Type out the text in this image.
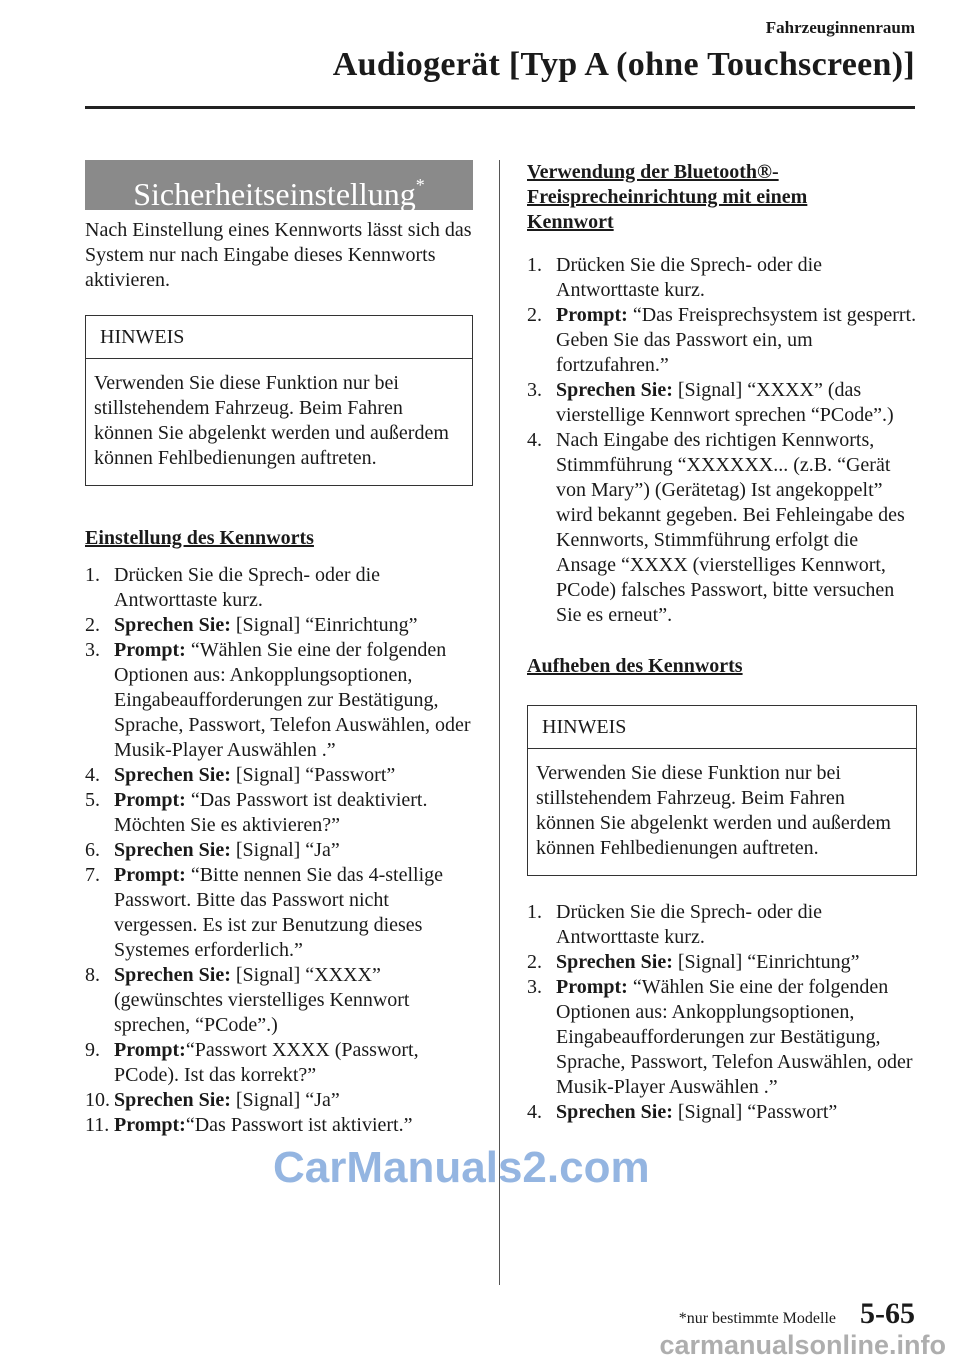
Fahrzeuginnenraum
Audiogerät [Typ A (ohne Touchscreen)]
Sicherheitseinstellung*

Nach Einstellung eines Kennworts lässt sich das System nur nach Eingabe dieses Kennworts aktivieren.

HINWEIS
Verwenden Sie diese Funktion nur bei stillstehendem Fahrzeug. Beim Fahren können Sie abgelenkt werden und außerdem können Fehlbedienungen auftreten.
Einstellung des Kennworts
1. Drücken Sie die Sprech- oder die Antworttaste kurz.
2. Sprechen Sie: [Signal] “Einrichtung”
3. Prompt: “Wählen Sie eine der folgenden Optionen aus: Ankopplungsoptionen, Eingabeaufforderungen zur Bestätigung, Sprache, Passwort, Telefon Auswählen, oder Musik-Player Auswählen .”
4. Sprechen Sie: [Signal] “Passwort”
5. Prompt: “Das Passwort ist deaktiviert. Möchten Sie es aktivieren?”
6. Sprechen Sie: [Signal] “Ja”
7. Prompt: “Bitte nennen Sie das 4-stellige Passwort. Bitte das Passwort nicht vergessen. Es ist zur Benutzung dieses Systemes erforderlich.”
8. Sprechen Sie: [Signal] “XXXX” (gewünschtes vierstelliges Kennwort sprechen, “PCode”.)
9. Prompt:“Passwort XXXX (Passwort, PCode). Ist das korrekt?”
10. Sprechen Sie: [Signal] “Ja”
11. Prompt:“Das Passwort ist aktiviert.”
Verwendung der Bluetooth®-Freisprecheinrichtung mit einem Kennwort
1. Drücken Sie die Sprech- oder die Antworttaste kurz.
2. Prompt: “Das Freisprechsystem ist gesperrt. Geben Sie das Passwort ein, um fortzufahren.”
3. Sprechen Sie: [Signal] “XXXX” (das vierstellige Kennwort sprechen “PCode”.)
4. Nach Eingabe des richtigen Kennworts, Stimmführung “XXXXXX... (z.B. “Gerät von Mary”) (Gerätetag) Ist angekoppelt” wird bekannt gegeben. Bei Fehleingabe des Kennworts, Stimmführung erfolgt die Ansage “XXXX (vierstelliges Kennwort, PCode) falsches Passwort, bitte versuchen Sie es erneut”.
Aufheben des Kennworts
HINWEIS
Verwenden Sie diese Funktion nur bei stillstehendem Fahrzeug. Beim Fahren können Sie abgelenkt werden und außerdem können Fehlbedienungen auftreten.
1. Drücken Sie die Sprech- oder die Antworttaste kurz.
2. Sprechen Sie: [Signal] “Einrichtung”
3. Prompt: “Wählen Sie eine der folgenden Optionen aus: Ankopplungsoptionen, Eingabeaufforderungen zur Bestätigung, Sprache, Passwort, Telefon Auswählen, oder Musik-Player Auswählen .”
4. Sprechen Sie: [Signal] “Passwort”
*nur bestimmte Modelle 5-65
CarManuals2.com
carmanualsonline.info
